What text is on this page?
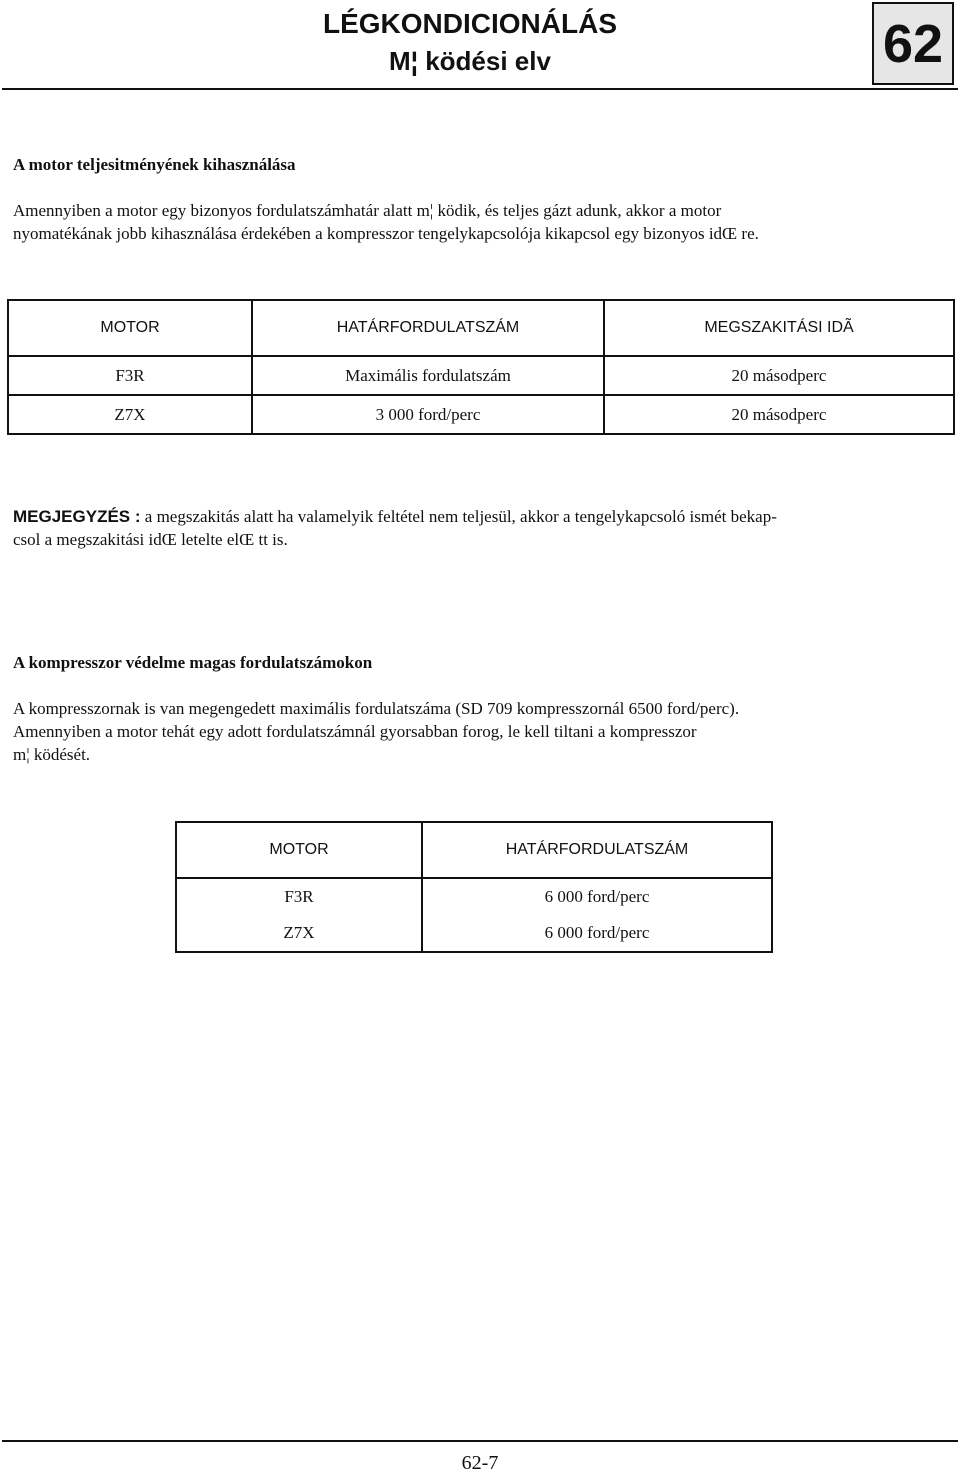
LÉGKONDICIONÁLÁS
M¦ ködési elv	62
A motor teljesitményének kihasználása

Amennyiben a motor egy bizonyos fordulatszámhatár alatt m¦ ködik, és teljes gázt adunk, akkor a motor
nyomatékának jobb kihasználása érdekében a kompresszor tengelykapcsolója kikapcsol egy bizonyos idŒ re.

MOTOR	HATÁRFORDULATSZÁM	MEGSZAKITÁSI IDÃ
F3R	Maximális fordulatszám	20 másodperc
Z7X	3 000 ford/perc	20 másodperc

MEGJEGYZÉS : a megszakitás alatt ha valamelyik feltétel nem teljesül, akkor a tengelykapcsoló ismét bekap-
csol a megszakitási idŒ letelte elŒ tt is.

A kompresszor védelme magas fordulatszámokon

A kompresszornak is van megengedett maximális fordulatszáma (SD 709 kompresszornál 6500 ford/perc).
Amennyiben a motor tehát egy adott fordulatszámnál gyorsabban forog, le kell tiltani a kompresszor
m¦ ködését.

MOTOR	HATÁRFORDULATSZÁM
F3R	6 000 ford/perc
Z7X	6 000 ford/perc
62-7
